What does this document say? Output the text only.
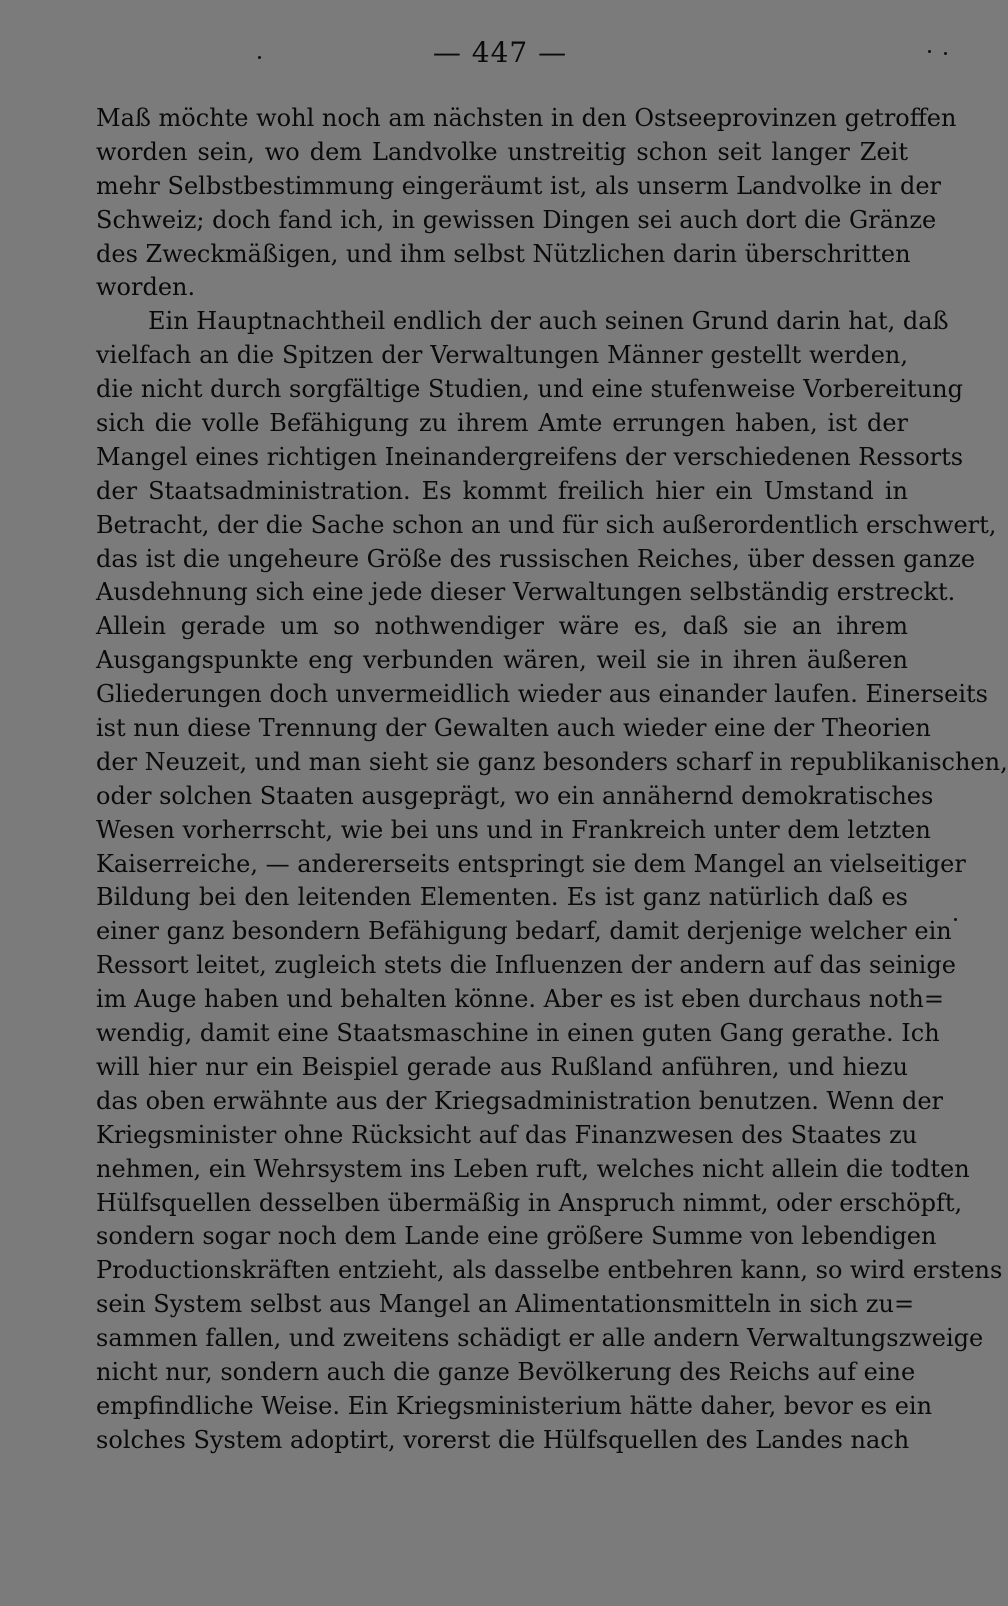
— 447 —
Maß möchte wohl noch am nächsten in den Ostseeprovinzen getroffen
worden sein, wo dem Landvolke unstreitig schon seit langer Zeit
mehr Selbstbestimmung eingeräumt ist, als unserm Landvolke in der
Schweiz; doch fand ich, in gewissen Dingen sei auch dort die Gränze
des Zweckmäßigen, und ihm selbst Nützlichen darin überschritten
worden.
Ein Hauptnachtheil endlich der auch seinen Grund darin hat, daß
vielfach an die Spitzen der Verwaltungen Männer gestellt werden,
die nicht durch sorgfältige Studien, und eine stufenweise Vorbereitung
sich die volle Befähigung zu ihrem Amte errungen haben, ist der
Mangel eines richtigen Ineinandergreifens der verschiedenen Ressorts
der Staatsadministration. Es kommt freilich hier ein Umstand in
Betracht, der die Sache schon an und für sich außerordentlich erschwert,
das ist die ungeheure Größe des russischen Reiches, über dessen ganze
Ausdehnung sich eine jede dieser Verwaltungen selbständig erstreckt.
Allein gerade um so nothwendiger wäre es, daß sie an ihrem
Ausgangspunkte eng verbunden wären, weil sie in ihren äußeren
Gliederungen doch unvermeidlich wieder aus einander laufen. Einerseits
ist nun diese Trennung der Gewalten auch wieder eine der Theorien
der Neuzeit, und man sieht sie ganz besonders scharf in republikanischen,
oder solchen Staaten ausgeprägt, wo ein annähernd demokratisches
Wesen vorherrscht, wie bei uns und in Frankreich unter dem letzten
Kaiserreiche, — andererseits entspringt sie dem Mangel an vielseitiger
Bildung bei den leitenden Elementen. Es ist ganz natürlich daß es
einer ganz besondern Befähigung bedarf, damit derjenige welcher ein
Ressort leitet, zugleich stets die Influenzen der andern auf das seinige
im Auge haben und behalten könne. Aber es ist eben durchaus noth=
wendig, damit eine Staatsmaschine in einen guten Gang gerathe. Ich
will hier nur ein Beispiel gerade aus Rußland anführen, und hiezu
das oben erwähnte aus der Kriegsadministration benutzen. Wenn der
Kriegsminister ohne Rücksicht auf das Finanzwesen des Staates zu
nehmen, ein Wehrsystem ins Leben ruft, welches nicht allein die todten
Hülfsquellen desselben übermäßig in Anspruch nimmt, oder erschöpft,
sondern sogar noch dem Lande eine größere Summe von lebendigen
Productionskräften entzieht, als dasselbe entbehren kann, so wird erstens
sein System selbst aus Mangel an Alimentationsmitteln in sich zu=
sammen fallen, und zweitens schädigt er alle andern Verwaltungszweige
nicht nur, sondern auch die ganze Bevölkerung des Reichs auf eine
empfindliche Weise. Ein Kriegsministerium hätte daher, bevor es ein
solches System adoptirt, vorerst die Hülfsquellen des Landes nach
